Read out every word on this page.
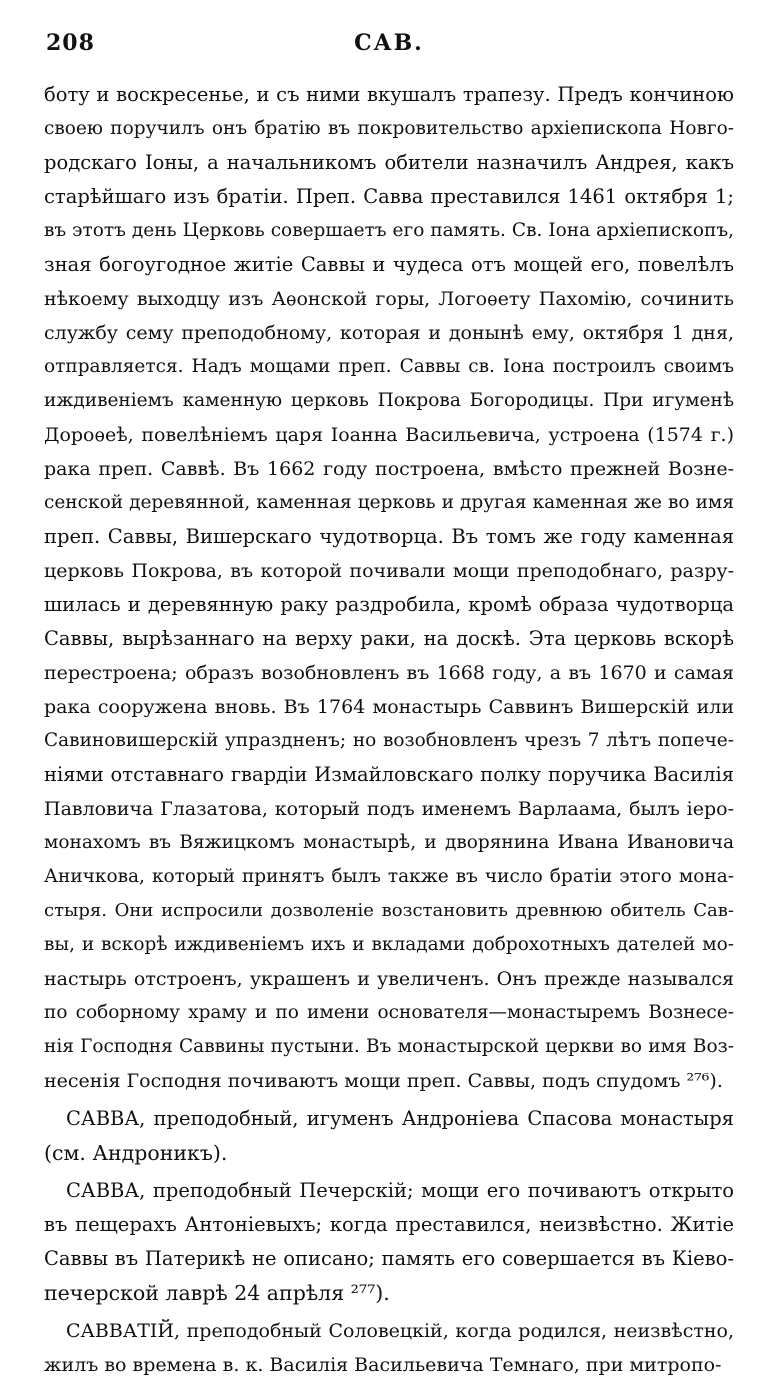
208	САВ.
боту и воскресенье, и съ ними вкушалъ трапезу. Предъ кончиною
своею поручилъ онъ братію въ покровительство архіепископа Новго-
родскаго Іоны, а начальникомъ обители назначилъ Андрея, какъ
старѣйшаго изъ братіи. Преп. Савва преставился 1461 октября 1;
въ этотъ день Церковь совершаетъ его память. Св. Іона архіепископъ,
зная богоугодное житіе Саввы и чудеса отъ мощей его, повелѣлъ
нѣкоему выходцу изъ Аѳонской горы, Логоѳету Пахомію, сочинить
службу сему преподобному, которая и донынѣ ему, октября 1 дня,
отправляется. Надъ мощами преп. Саввы св. Іона построилъ своимъ
иждивеніемъ каменную церковь Покрова Богородицы. При игуменѣ
Дороѳеѣ, повелѣніемъ царя Іоанна Васильевича, устроена (1574 г.)
рака преп. Саввѣ. Въ 1662 году построена, вмѣсто прежней Вознe-
сенской деревянной, каменная церковь и другая каменная же во имя
преп. Саввы, Вишерскаго чудотворца. Въ томъ же году каменная
церковь Покрова, въ которой почивали мощи преподобнаго, разру-
шилась и деревянную раку раздробила, кромѣ образа чудотворца
Саввы, вырѣзаннаго на верху раки, на доскѣ. Эта церковь вскорѣ
перестроена; образъ возобновленъ въ 1668 году, а въ 1670 и самая
рака сооружена вновь. Въ 1764 монастырь Саввинъ Вишерскій или
Савиновишерскій упраздненъ; но возобновленъ чрезъ 7 лѣтъ попече-
ніями отставнаго гвардіи Измайловскаго полку поручика Василія
Павловича Глазатова, который подъ именемъ Варлаама, былъ іеро-
монахомъ въ Вяжицкомъ монастырѣ, и дворянина Ивана Ивановича
Аничкова, который принятъ былъ также въ число братіи этого мона-
стыря. Они испросили дозволеніе возстановить древнюю обитель Сав-
вы, и вскорѣ иждивеніемъ ихъ и вкладами доброхотныхъ дателей мо-
настырь отстроенъ, украшенъ и увеличенъ. Онъ прежде назывался
по соборному храму и по имени основателя—монастыремъ Вознесе-
нія Господня Саввины пустыни. Въ монастырской церкви во имя Воз-
несенія Господня почиваютъ мощи преп. Саввы, подъ спудомъ ²⁷⁶).
САВВА, преподобный, игуменъ Андроніева Спасова монастыря
(см. Андроникъ).
САВВА, преподобный Печерскій; мощи его почиваютъ открыто
въ пещерахъ Антоніевыхъ; когда преставился, неизвѣстно. Житіе
Саввы въ Патерикѣ не описано; память его совершается въ Кіево-
печерской лаврѣ 24 апрѣля ²⁷⁷).
САВВАТІЙ, преподобный Соловецкій, когда родился, неизвѣстно,
жилъ во времена в. к. Василія Васильевича Темнаго, при митропо-
